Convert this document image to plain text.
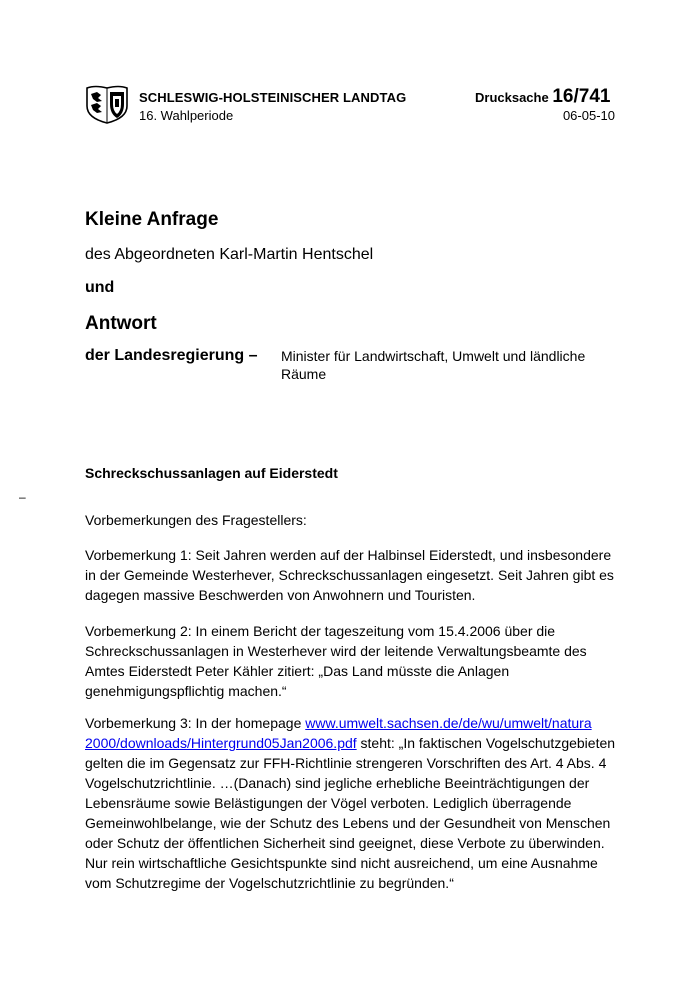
SCHLESWIG-HOLSTEINISCHER LANDTAG
16. Wahlperiode
Drucksache 16/741
06-05-10
Kleine Anfrage
des Abgeordneten Karl-Martin Hentschel
und
Antwort
der Landesregierung – Minister für Landwirtschaft, Umwelt und ländliche Räume
Schreckschussanlagen auf Eiderstedt
–
Vorbemerkungen des Fragestellers:
Vorbemerkung 1: Seit Jahren werden auf der Halbinsel Eiderstedt, und insbesondere in der Gemeinde Westerhever, Schreckschussanlagen eingesetzt. Seit Jahren gibt es dagegen massive Beschwerden von Anwohnern und Touristen.
Vorbemerkung 2: In einem Bericht der tageszeitung vom 15.4.2006 über die Schreckschussanlagen in Westerhever wird der leitende Verwaltungsbeamte des Amtes Eiderstedt Peter Kähler zitiert: „Das Land müsste die Anlagen genehmigungspflichtig machen.“
Vorbemerkung 3: In der homepage www.umwelt.sachsen.de/de/wu/umwelt/natura 2000/downloads/Hintergrund05Jan2006.pdf steht: „In faktischen Vogelschutzgebieten gelten die im Gegensatz zur FFH-Richtlinie strengeren Vorschriften des Art. 4 Abs. 4 Vogelschutzrichtlinie. …(Danach) sind jegliche erhebliche Beeinträchtigungen der Lebensräume sowie Belästigungen der Vögel verboten. Lediglich überragende Gemeinwohlbelange, wie der Schutz des Lebens und der Gesundheit von Menschen oder Schutz der öffentlichen Sicherheit sind geeignet, diese Verbote zu überwinden. Nur rein wirtschaftliche Gesichtspunkte sind nicht ausreichend, um eine Ausnahme vom Schutzregime der Vogelschutzrichtlinie zu begründen.“
